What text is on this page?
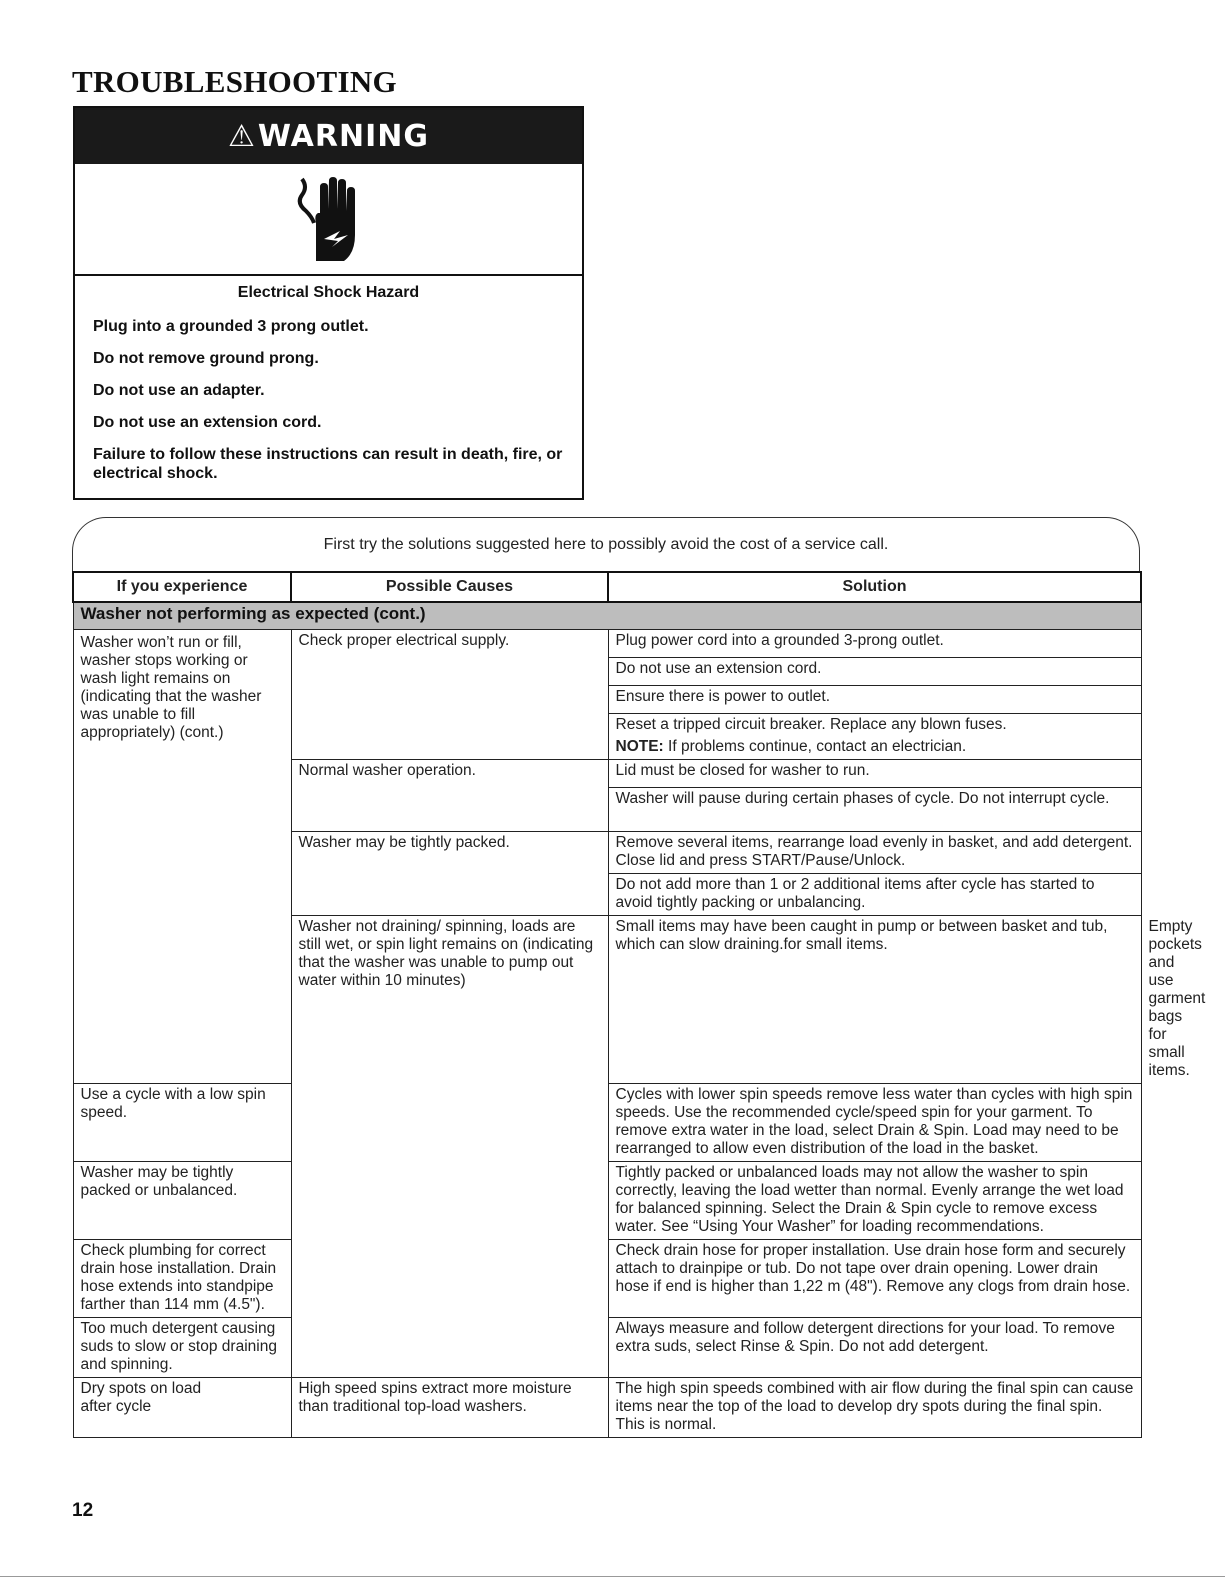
TROUBLESHOOTING
⚠ WARNING
Electrical Shock Hazard
Plug into a grounded 3 prong outlet.
Do not remove ground prong.
Do not use an adapter.
Do not use an extension cord.
Failure to follow these instructions can result in death, fire, or electrical shock.
First try the solutions suggested here to possibly avoid the cost of a service call.
If you experience	Possible Causes	Solution	
Washer not performing as expected (cont.)			
Washer won’t run or fill, washer stops working or wash light remains on (indicating that the washer was unable to fill appropriately) (cont.)	Check proper electrical supply.	Plug power cord into a grounded 3-prong outlet.	
		Do not use an extension cord.	
		Ensure there is power to outlet.	

		Reset a tripped circuit breaker. Replace any blown fuses.
NOTE: If problems continue, contact an electrician.	

	Normal washer operation.	Lid must be closed for washer to run.	
		Washer will pause during certain phases of cycle. Do not interrupt cycle.	
	Washer may be tightly packed.	Remove several items, rearrange load evenly in basket, and add detergent. Close lid and press START/Pause/Unlock.	
		Do not add more than 1 or 2 additional items after cycle has started to avoid tightly packing or unbalancing.	
	Washer not draining/ spinning, loads are still wet, or spin light remains on (indicating that the washer was unable to pump out water within 10 minutes)	Small items may have been caught in pump or between basket and tub, which can slow draining.for small items.	Empty pockets and use garment bags for small items.
Use a cycle with a low spin speed.		Cycles with lower spin speeds remove less water than cycles with high spin speeds. Use the recommended cycle/speed spin for your garment. To remove extra water in the load, select Drain & Spin. Load may need to be rearranged to allow even distribution of the load in the basket.	
Washer may be tightly packed or unbalanced.		Tightly packed or unbalanced loads may not allow the washer to spin correctly, leaving the load wetter than normal. Evenly arrange the wet load for balanced spinning. Select the Drain & Spin cycle to remove excess water. See “Using Your Washer” for loading recommendations.	
Check plumbing for correct drain hose installation. Drain hose extends into standpipe farther than 114 mm (4.5").		Check drain hose for proper installation. Use drain hose form and securely attach to drainpipe or tub. Do not tape over drain opening. Lower drain hose if end is higher than 1,22 m (48"). Remove any clogs from drain hose.	
Too much detergent causing suds to slow or stop draining and spinning.		Always measure and follow detergent directions for your load. To remove extra suds, select Rinse & Spin. Do not add detergent.	

Dry spots on load after cycle	High speed spins extract more moisture than traditional top-load washers.	The high spin speeds combined with air flow during the final spin can cause items near the top of the load to develop dry spots during the final spin. This is normal.	
12
